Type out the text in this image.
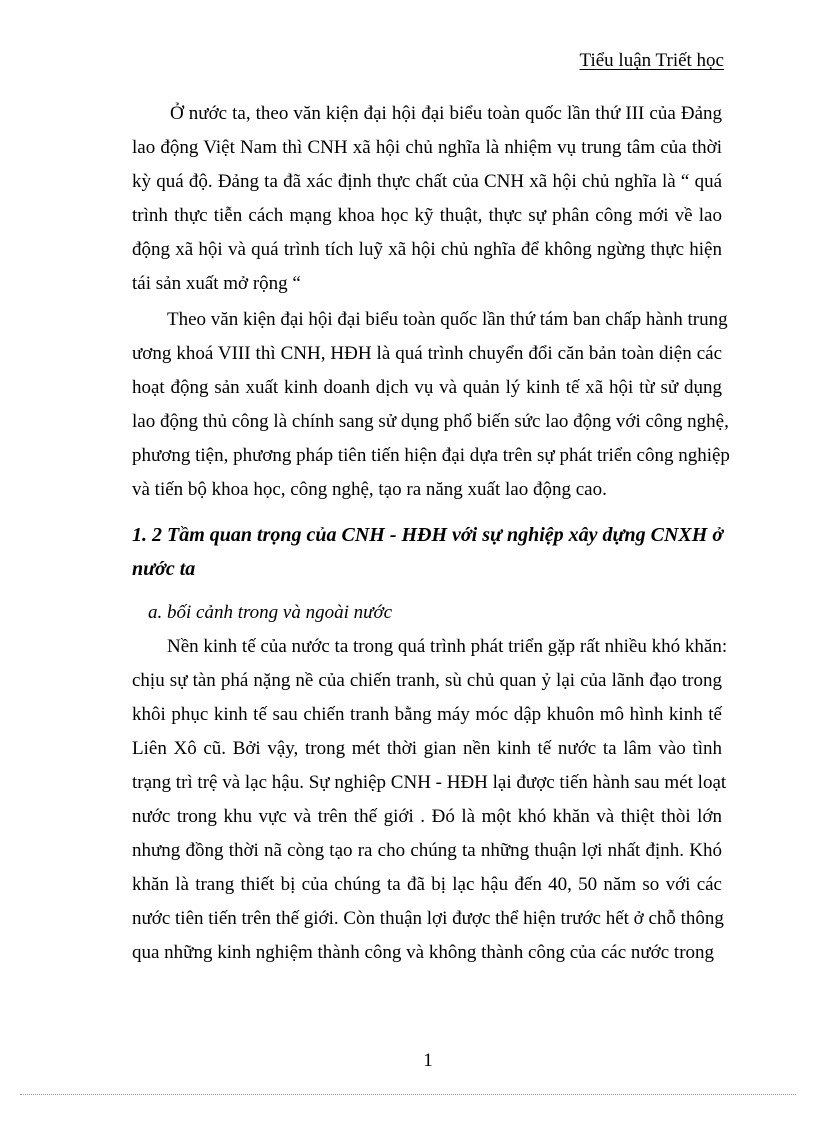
Tiểu luận Triết học
Ở nước ta, theo văn kiện đại hội đại biểu toàn quốc lần thứ III của Đảng
lao động Việt Nam thì CNH xã hội chủ nghĩa là nhiệm vụ trung tâm của thời
kỳ quá độ. Đảng ta đã xác định thực chất của CNH xã hội chủ nghĩa là “ quá
trình thực tiễn cách mạng khoa học kỹ thuật, thực sự phân công mới về lao
động xã hội và quá trình tích luỹ xã hội chủ nghĩa để không ngừng thực hiện
tái sản xuất mở rộng “
Theo văn kiện đại hội đại biểu toàn quốc lần thứ tám ban chấp hành trung
ương khoá VIII thì CNH, HĐH là quá trình chuyển đổi căn bản toàn diện các
hoạt động sản xuất kinh doanh dịch vụ và quản lý kinh tế xã hội từ sử dụng
lao động thủ công là chính sang sử dụng phổ biến sức lao động với công nghệ,
phương tiện, phương pháp tiên tiến hiện đại dựa trên sự phát triển công nghiệp
và tiến bộ khoa học, công nghệ, tạo ra năng xuất lao động cao.
1. 2 Tầm quan trọng của CNH - HĐH với sự nghiệp xây dựng CNXH ở
nước ta
a. bối cảnh trong và ngoài nước
Nền kinh tế của nước ta trong quá trình phát triển gặp rất nhiều khó khăn:
chịu sự tàn phá nặng nề của chiến tranh, sù chủ quan ỷ lại của lãnh đạo trong
khôi phục kinh tế sau chiến tranh bằng máy móc dập khuôn mô hình kinh tế
Liên Xô cũ. Bởi vậy, trong mét thời gian nền kinh tế nước ta lâm vào tình
trạng trì trệ và lạc hậu. Sự nghiệp CNH - HĐH lại được tiến hành sau mét loạt
nước trong khu vực và trên thế giới . Đó là một khó khăn và thiệt thòi lớn
nhưng đồng thời nã còng tạo ra cho chúng ta những thuận lợi nhất định. Khó
khăn là trang thiết bị của chúng ta đã bị lạc hậu đến 40, 50 năm so với các
nước tiên tiến trên thế giới. Còn thuận lợi được thể hiện trước hết ở chỗ thông
qua những kinh nghiệm thành công và không thành công của các nước trong
1
